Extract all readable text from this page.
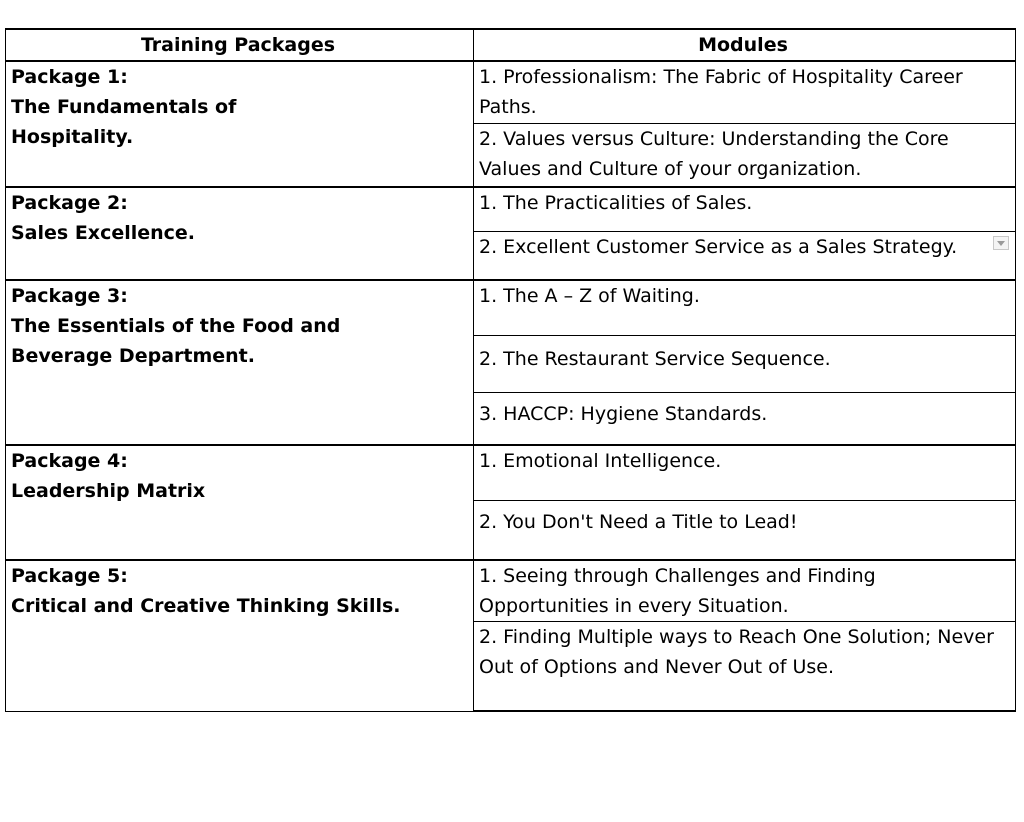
Training Packages	Modules

Package 1:
The Fundamentals of Hospitality.	1. Professionalism: The Fabric of Hospitality Career Paths.
	2. Values versus Culture: Understanding the Core Values and Culture of your organization.

Package 2:
Sales Excellence.	1. The Practicalities of Sales.

	2. Excellent Customer Service as a Sales Strategy.

Package 3:
The Essentials of the Food and Beverage Department.	1. The A – Z of Waiting.
	2. The Restaurant Service Sequence.
	3. HACCP: Hygiene Standards.

Package 4:
Leadership Matrix	1. Emotional Intelligence.
	2. You Don't Need a Title to Lead!

Package 5:
Critical and Creative Thinking Skills.	1. Seeing through Challenges and Finding Opportunities in every Situation.
	2. Finding Multiple ways to Reach One Solution; Never Out of Options and Never Out of Use.
